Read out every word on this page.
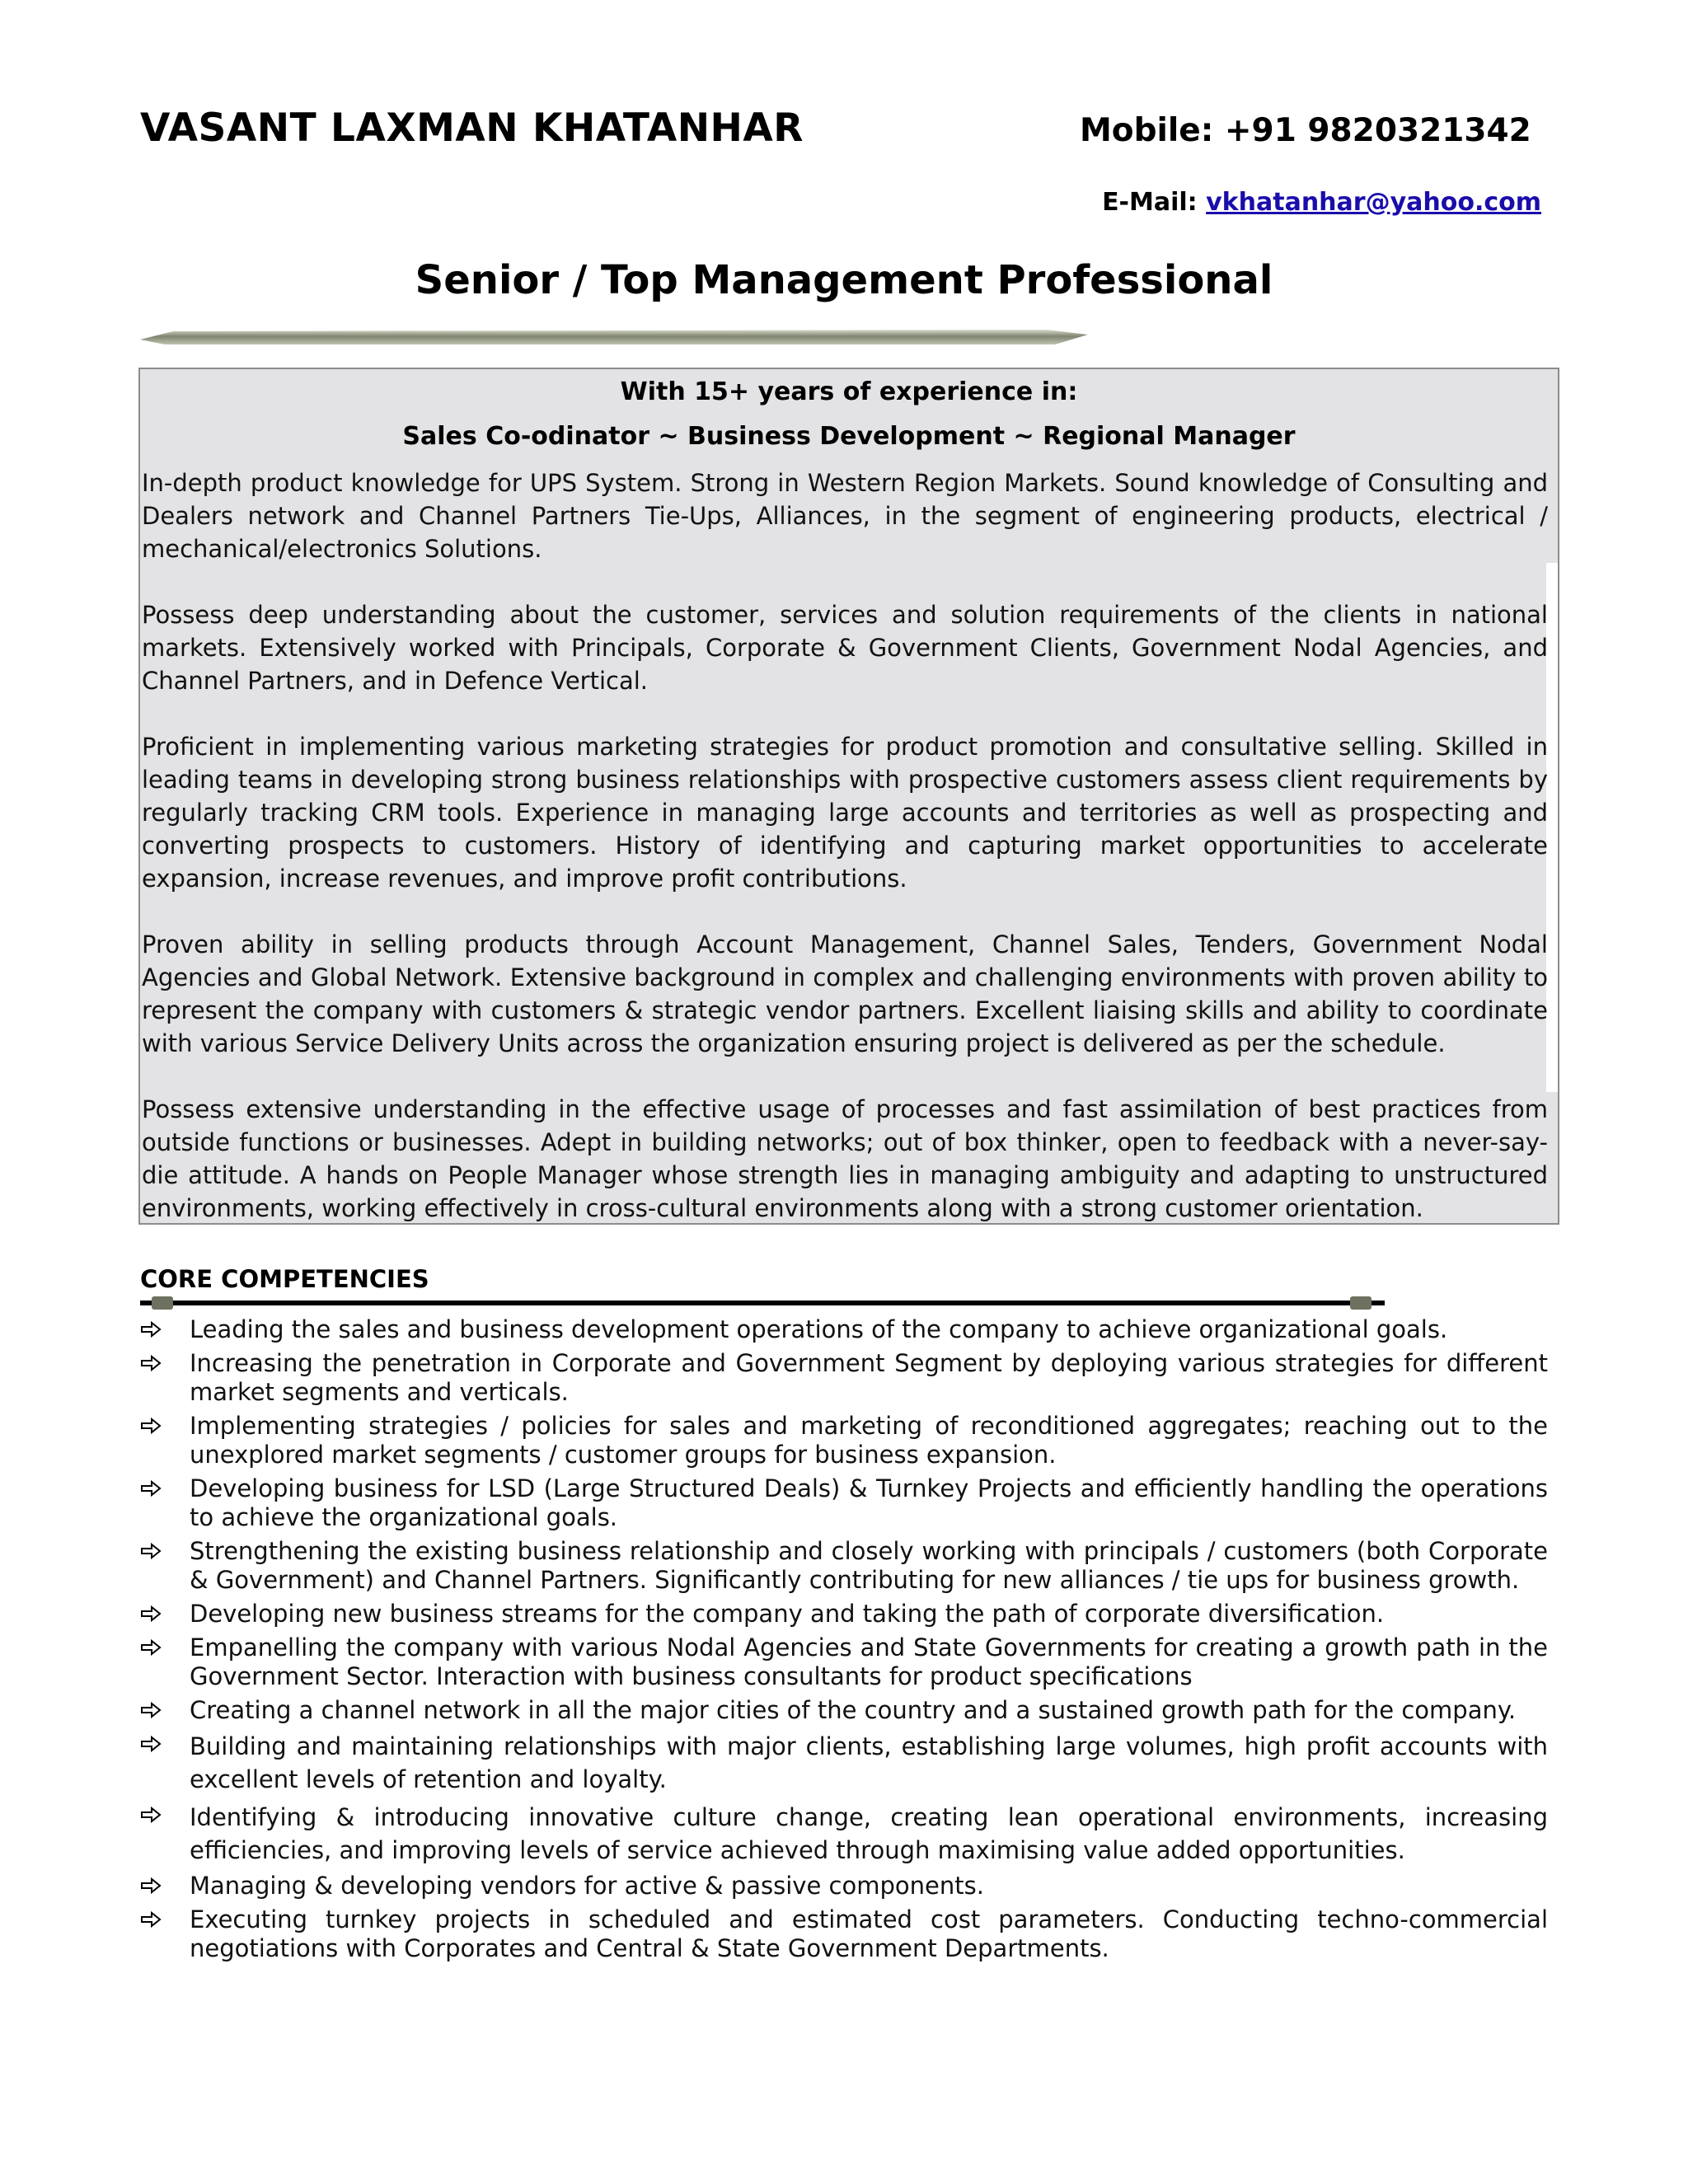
VASANT LAXMAN KHATANHAR	Mobile: +91 9820321342
E-Mail: vkhatanhar@yahoo.com
Senior / Top Management Professional
With 15+ years of experience in:
Sales Co-odinator ~ Business Development ~ Regional Manager
In-depth product knowledge for UPS System. Strong in Western Region Markets. Sound knowledge of Consulting and Dealers network and Channel Partners Tie-Ups, Alliances, in the segment of engineering products, electrical / mechanical/electronics Solutions.
Possess deep understanding about the customer, services and solution requirements of the clients in national markets. Extensively worked with Principals, Corporate & Government Clients, Government Nodal Agencies, and Channel Partners, and in Defence Vertical.
Proficient in implementing various marketing strategies for product promotion and consultative selling. Skilled in leading teams in developing strong business relationships with prospective customers assess client requirements by regularly tracking CRM tools. Experience in managing large accounts and territories as well as prospecting and converting prospects to customers. History of identifying and capturing market opportunities to accelerate expansion, increase revenues, and improve profit contributions.
Proven ability in selling products through Account Management, Channel Sales, Tenders, Government Nodal Agencies and Global Network. Extensive background in complex and challenging environments with proven ability to represent the company with customers & strategic vendor partners. Excellent liaising skills and ability to coordinate with various Service Delivery Units across the organization ensuring project is delivered as per the schedule.
Possess extensive understanding in the effective usage of processes and fast assimilation of best practices from outside functions or businesses. Adept in building networks; out of box thinker, open to feedback with a never-say-die attitude. A hands on People Manager whose strength lies in managing ambiguity and adapting to unstructured environments, working effectively in cross-cultural environments along with a strong customer orientation.
CORE COMPETENCIES
Leading the sales and business development operations of the company to achieve organizational goals.
Increasing the penetration in Corporate and Government Segment by deploying various strategies for different market segments and verticals.
Implementing strategies / policies for sales and marketing of reconditioned aggregates; reaching out to the unexplored market segments / customer groups for business expansion.
Developing business for LSD (Large Structured Deals) & Turnkey Projects and efficiently handling the operations to achieve the organizational goals.
Strengthening the existing business relationship and closely working with principals / customers (both Corporate & Government) and Channel Partners. Significantly contributing for new alliances / tie ups for business growth.
Developing new business streams for the company and taking the path of corporate diversification.
Empanelling the company with various Nodal Agencies and State Governments for creating a growth path in the Government Sector. Interaction with business consultants for product specifications
Creating a channel network in all the major cities of the country and a sustained growth path for the company.
Building and maintaining relationships with major clients, establishing large volumes, high profit accounts with excellent levels of retention and loyalty.
Identifying & introducing innovative culture change, creating lean operational environments, increasing efficiencies, and improving levels of service achieved through maximising value added opportunities.
Managing & developing vendors for active & passive components.
Executing turnkey projects in scheduled and estimated cost parameters. Conducting techno-commercial negotiations with Corporates and Central & State Government Departments.
